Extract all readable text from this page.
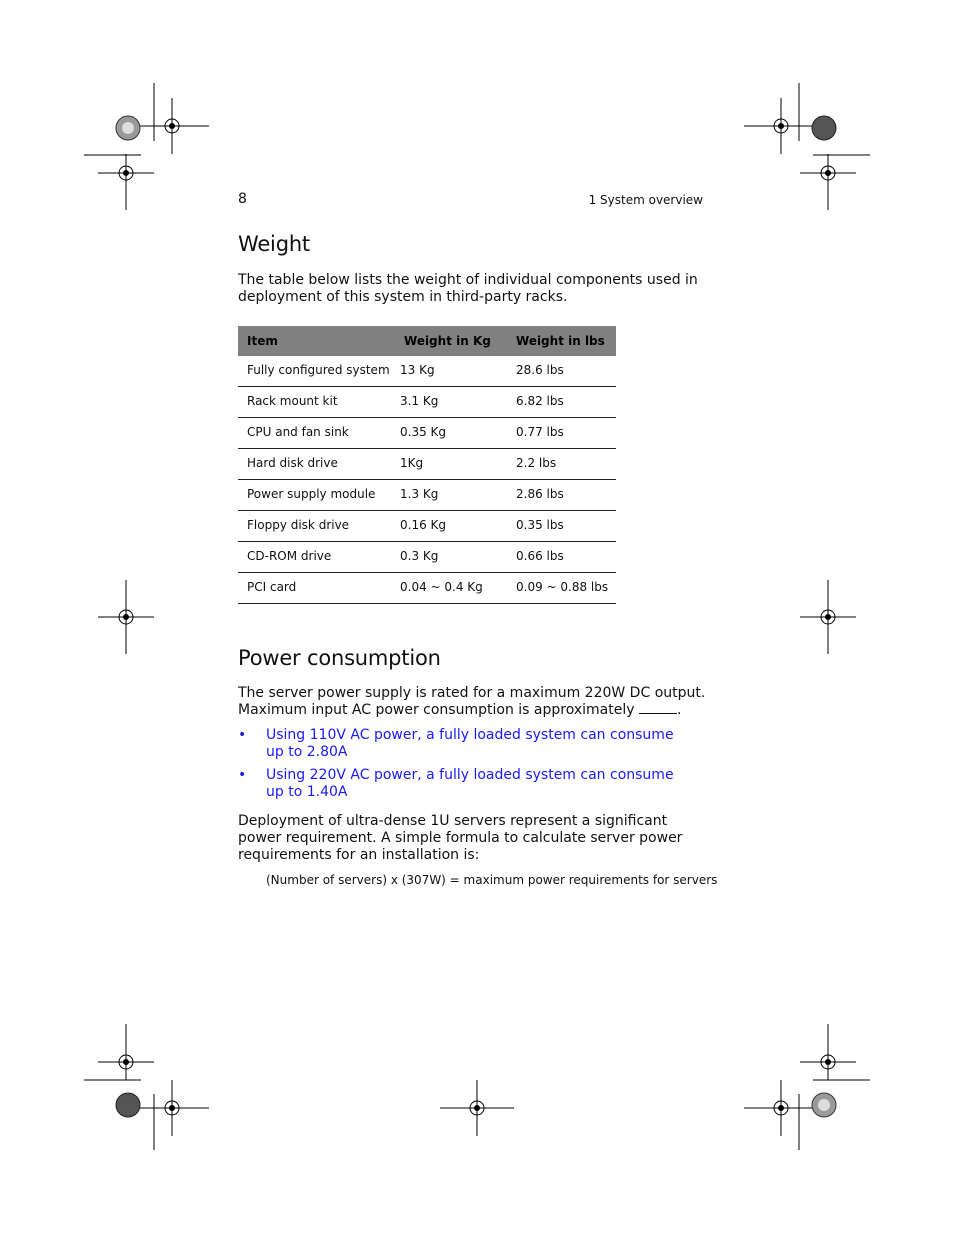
8	1 System overview
Weight

The table below lists the weight of individual components used in deployment of this system in third-party racks.

Item	Weight in Kg	Weight in lbs
Fully configured system	13 Kg	28.6 lbs
Rack mount kit	3.1 Kg	6.82 lbs
CPU and fan sink	0.35 Kg	0.77 lbs
Hard disk drive	1Kg	2.2 lbs
Power supply module	1.3 Kg	2.86 lbs
Floppy disk drive	0.16 Kg	0.35 lbs
CD-ROM drive	0.3 Kg	0.66 lbs
PCI card	0.04 ~ 0.4 Kg	0.09 ~ 0.88 lbs
Power consumption

The server power supply is rated for a maximum 220W DC output. Maximum input AC power consumption is approximately	.

• Using 110V AC power, a fully loaded system can consume up to 2.80A
• Using 220V AC power, a fully loaded system can consume up to 1.40A

Deployment of ultra-dense 1U servers represent a significant power requirement. A simple formula to calculate server power requirements for an installation is:

(Number of servers) x (307W) = maximum power requirements for servers
